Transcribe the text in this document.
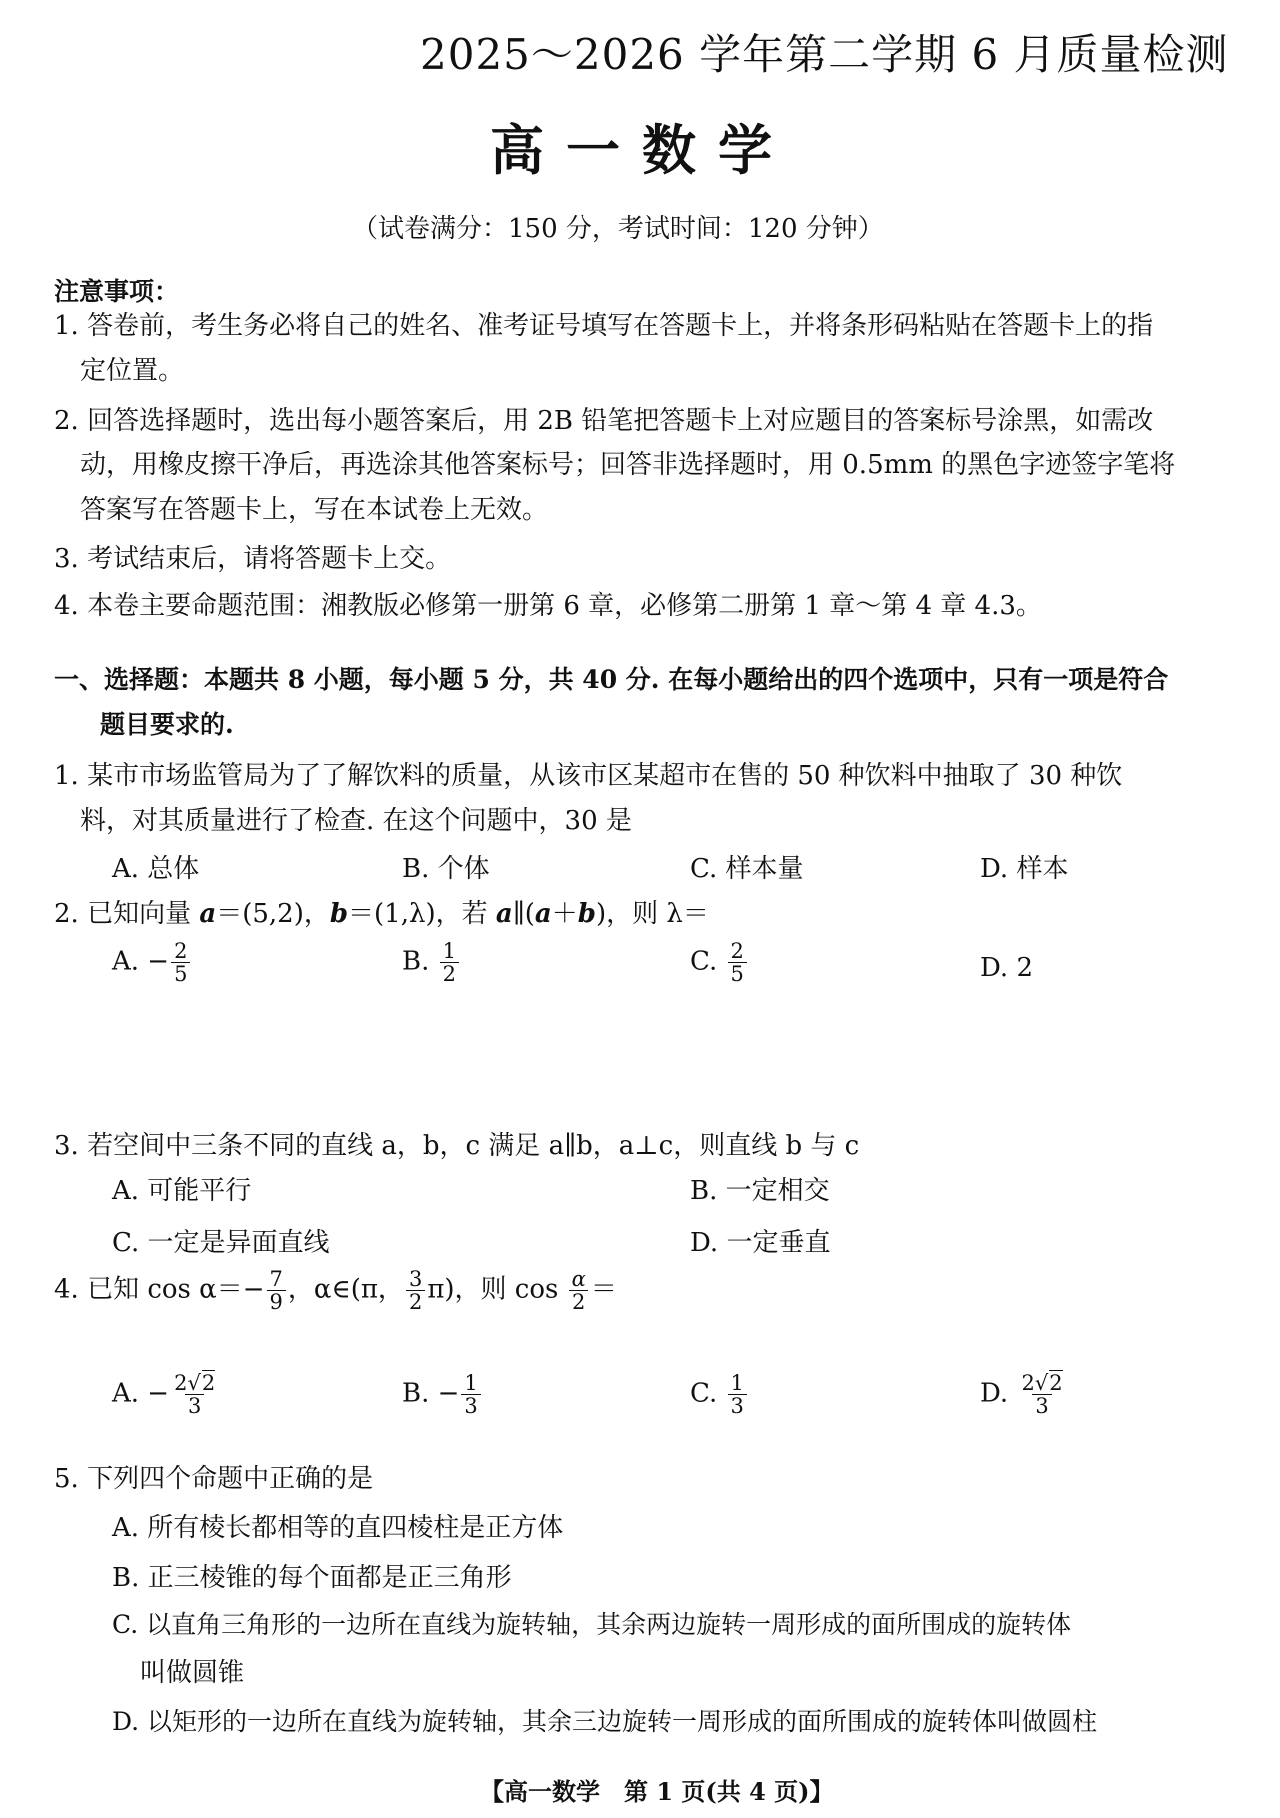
2025～2026 学年第二学期 6 月质量检测
高一数学
（试卷满分：150 分，考试时间：120 分钟）
注意事项：
1. 答卷前，考生务必将自己的姓名、准考证号填写在答题卡上，并将条形码粘贴在答题卡上的指
定位置。
2. 回答选择题时，选出每小题答案后，用 2B 铅笔把答题卡上对应题目的答案标号涂黑，如需改
动，用橡皮擦干净后，再选涂其他答案标号；回答非选择题时，用 0.5mm 的黑色字迹签字笔将
答案写在答题卡上，写在本试卷上无效。
3. 考试结束后，请将答题卡上交。
4. 本卷主要命题范围：湘教版必修第一册第 6 章，必修第二册第 1 章～第 4 章 4.3。
一、选择题：本题共 8 小题，每小题 5 分，共 40 分. 在每小题给出的四个选项中，只有一项是符合
题目要求的.
1. 某市市场监管局为了了解饮料的质量，从该市区某超市在售的 50 种饮料中抽取了 30 种饮
料，对其质量进行了检查. 在这个问题中，30 是
A. 总体	B. 个体	C. 样本量	D. 样本
2. 已知向量 a＝(5,2)，b＝(1,λ)，若 a∥(a＋b)，则 λ＝
A. − $\frac{2}{5}$	B. $\frac{1}{2}$	C. $\frac{2}{5}$	D. 2
3. 若空间中三条不同的直线 a，b，c 满足 a∥b，a⊥c，则直线 b 与 c
A. 可能平行	B. 一定相交
C. 一定是异面直线	D. 一定垂直
4. 已知 $\cos \alpha=- \frac{7}{9}$ ，α∈(π， $\frac{3}{2} \pi$)，则 $\cos \frac{\alpha}{2}$ ＝
A. − $\frac{2√2}{3}$	B. − $\frac{1}{3}$	C. $\frac{1}{3}$	D. $\frac{2√2}{3}$
5. 下列四个命题中正确的是
A. 所有棱长都相等的直四棱柱是正方体
B. 正三棱锥的每个面都是正三角形
C. 以直角三角形的一边所在直线为旋转轴，其余两边旋转一周形成的面所围成的旋转体
叫做圆锥
D. 以矩形的一边所在直线为旋转轴，其余三边旋转一周形成的面所围成的旋转体叫做圆柱
【高一数学　第 1 页(共 4 页)】
